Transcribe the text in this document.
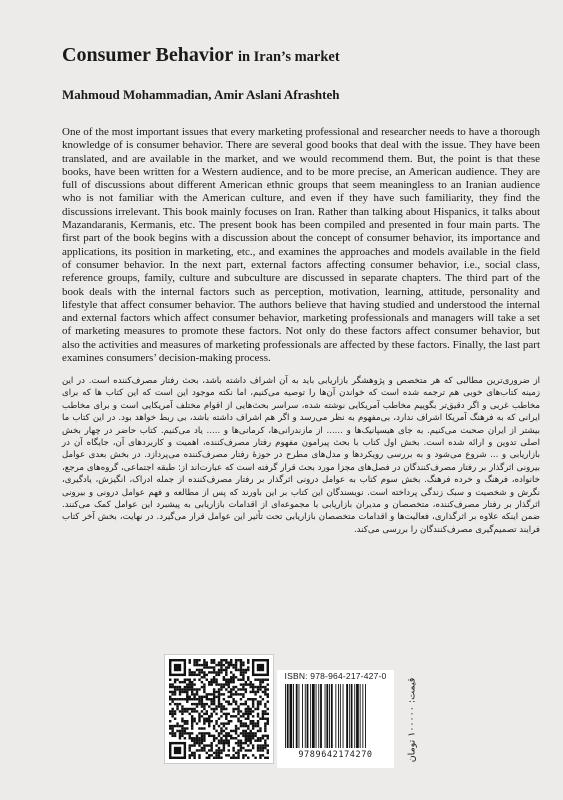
Consumer Behavior in Iran’s market
Mahmoud Mohammadian, Amir Aslani Afrashteh
One of the most important issues that every marketing professional and researcher needs to have a thorough knowledge of is consumer behavior. There are several good books that deal with the issue. They have been translated, and are available in the market, and we would recommend them. But, the point is that these books, have been written for a Western audience, and to be more precise, an American audience. They are full of discussions about different American ethnic groups that seem meaningless to an Iranian audience who is not familiar with the American culture, and even if they have such familiarity, they find the discussions irrelevant. This book mainly focuses on Iran. Rather than talking about Hispanics, it talks about Mazandaranis, Kermanis, etc. The present book has been compiled and presented in four main parts. The first part of the book begins with a discussion about the concept of consumer behavior, its importance and applications, its position in marketing, etc., and examines the approaches and models available in the field of consumer behavior. In the next part, external factors affecting consumer behavior, i.e., social class, reference groups, family, culture and subculture are discussed in separate chapters. The third part of the book deals with the internal factors such as perception, motivation, learning, attitude, personality and lifestyle that affect consumer behavior. The authors believe that having studied and understood the internal and external factors which affect consumer behavior, marketing professionals and managers will take a set of marketing measures to promote these factors. Not only do these factors affect consumer behavior, but also the activities and measures of marketing professionals are affected by these factors. Finally, the last part examines consumers’ decision-making process.
از ضروری‌ترین مطالبی که هر متخصص و پژوهشگر بازاریابی باید به آن اشراف داشته باشد، بحث رفتار مصرف‌کننده است. در این زمینه کتاب‌های خوبی هم ترجمه شده است که خواندن آن‌ها را توصیه می‌کنیم، اما نکته موجود این است که این کتاب ها که برای مخاطب غربی و اگر دقیق‌تر بگوییم مخاطب آمریکایی نوشته شده، سراسر بحث‌هایی از اقوام مختلف آمریکایی است و برای مخاطب ایرانی که به فرهنگ آمریکا اشراف ندارد، بی‌مفهوم به نظر می‌رسد و اگر هم اشراف داشته باشد، بی ربط خواهد بود. در این کتاب ما بیشتر از ایران صحبت می‌کنیم. به جای هیسپانیک‌ها و ...... از مازندرانی‌ها، کرمانی‌ها و ..... یاد می‌کنیم. کتاب حاضر در چهار بخش اصلی تدوین و ارائه شده است. بخش اول کتاب با بحث پیرامون مفهوم رفتار مصرف‌کننده، اهمیت و کاربردهای آن، جایگاه آن در بازاریابی و ... شروع می‌شود و به بررسی رویکردها و مدل‌های مطرح در حوزهٔ رفتار مصرف‌کننده می‌پردازد. در بخش بعدی عوامل بیرونی اثرگذار بر رفتار مصرف‌کنندگان در فصل‌های مجزا مورد بحث قرار گرفته است که عبارت‌اند از: طبقه اجتماعی، گروه‌های مرجع، خانواده، فرهنگ و خرده فرهنگ. بخش سوم کتاب به عوامل درونی اثرگذار بر رفتار مصرف‌کننده از جمله ادراک، انگیزش، یادگیری، نگرش و شخصیت و سبک زندگی پرداخته است. نویسندگان این کتاب بر این باورند که پس از مطالعه و فهم عوامل درونی و بیرونی اثرگذار بر رفتار مصرف‌کننده، متخصصان و مدیران بازاریابی با مجموعه‌ای از اقدامات بازاریابی به پیشبرد این عوامل کمک می‌کنند. ضمن اینکه علاوه بر اثرگذاری، فعالیت‌ها و اقدامات متخصصان بازاریابی تحت تأثیر این عوامل قرار می‌گیرد. در نهایت، بخش آخر کتاب فرایند تصمیم‌گیری مصرف‌کنندگان را بررسی می‌کند.
ISBN: 978-964-217-427-0
9789642174270	قیمت: ۱۰۰۰۰۰ تومان
